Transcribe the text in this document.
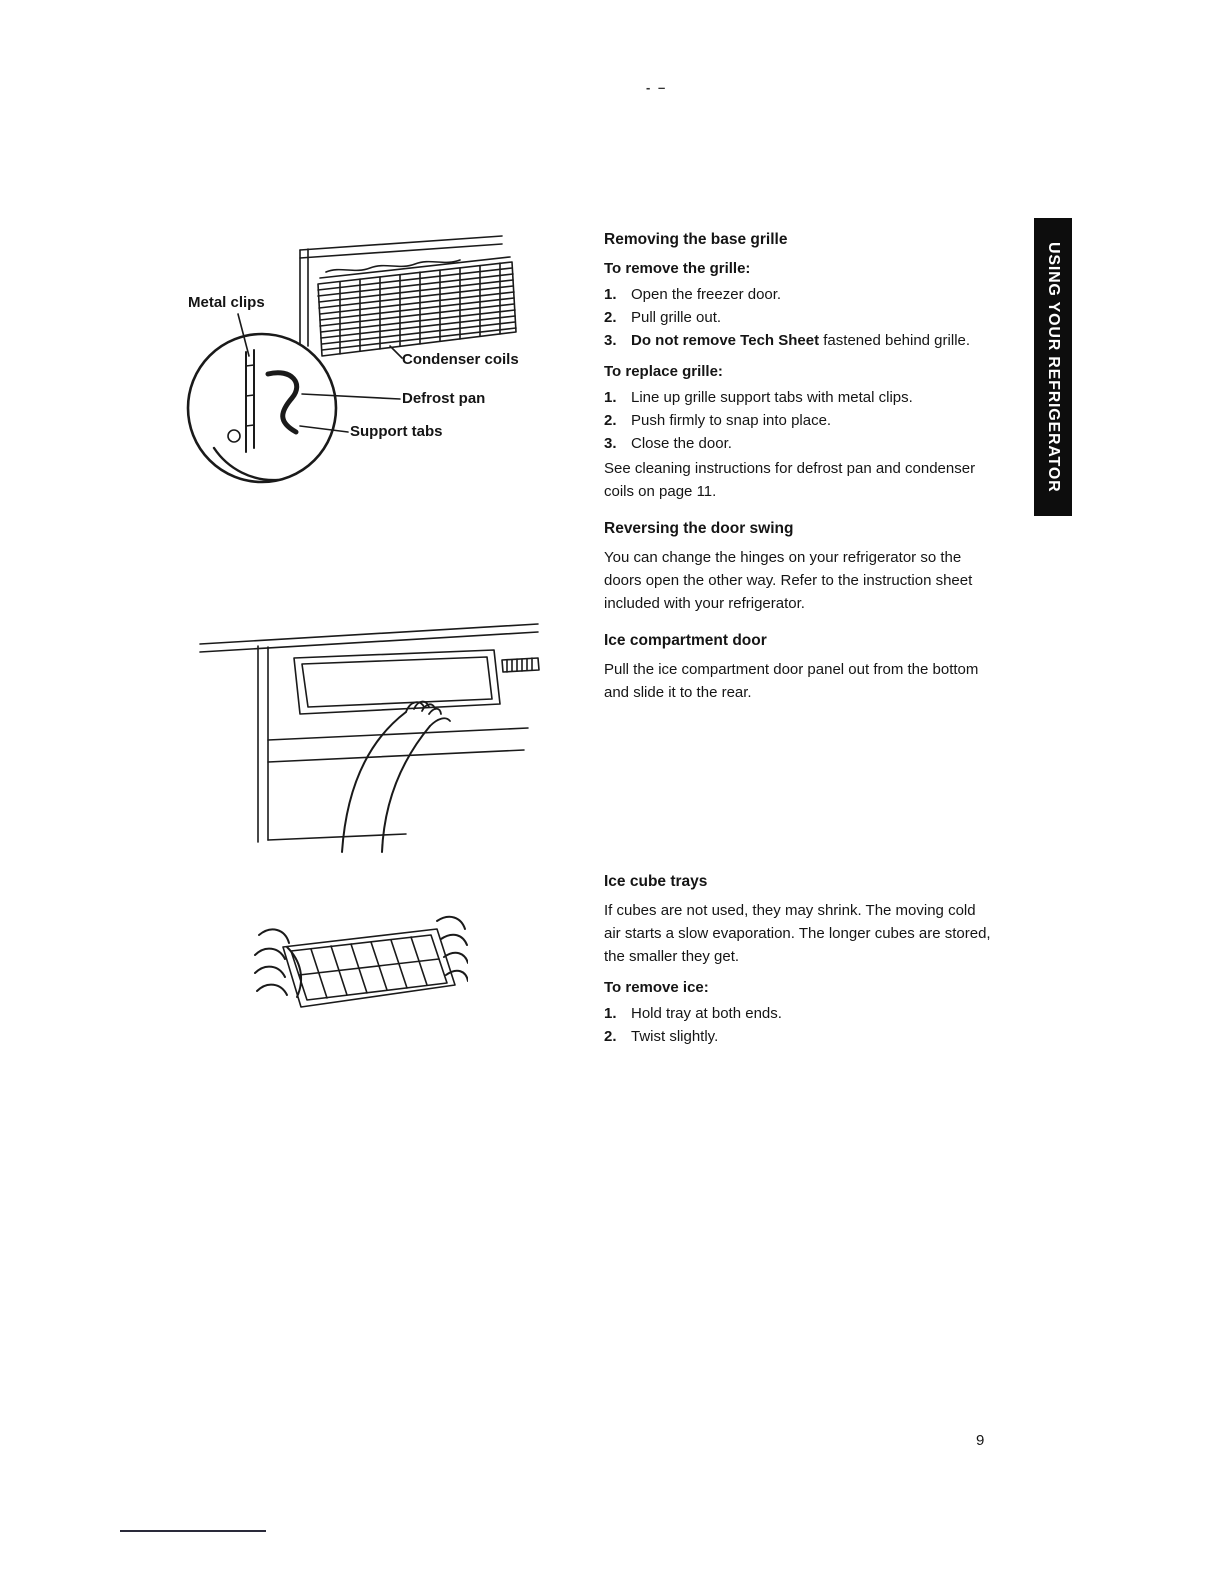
- –
Metal clips
Condenser coils
Defrost pan
Support tabs
Removing the base grille
To remove the grille:
1. Open the freezer door.
2. Pull grille out.
3. Do not remove Tech Sheet fastened behind grille.
To replace grille:
1. Line up grille support tabs with metal clips.
2. Push firmly to snap into place.
3. Close the door.
See cleaning instructions for defrost pan and condenser coils on page 11.
Reversing the door swing
You can change the hinges on your refrigerator so the doors open the other way. Refer to the instruction sheet included with your refrigerator.
Ice compartment door
Pull the ice compartment door panel out from the bottom and slide it to the rear.
Ice cube trays
If cubes are not used, they may shrink. The moving cold air starts a slow evaporation. The longer cubes are stored, the smaller they get.
To remove ice:
1. Hold tray at both ends.
2. Twist slightly.
USING YOUR REFRIGERATOR
9
